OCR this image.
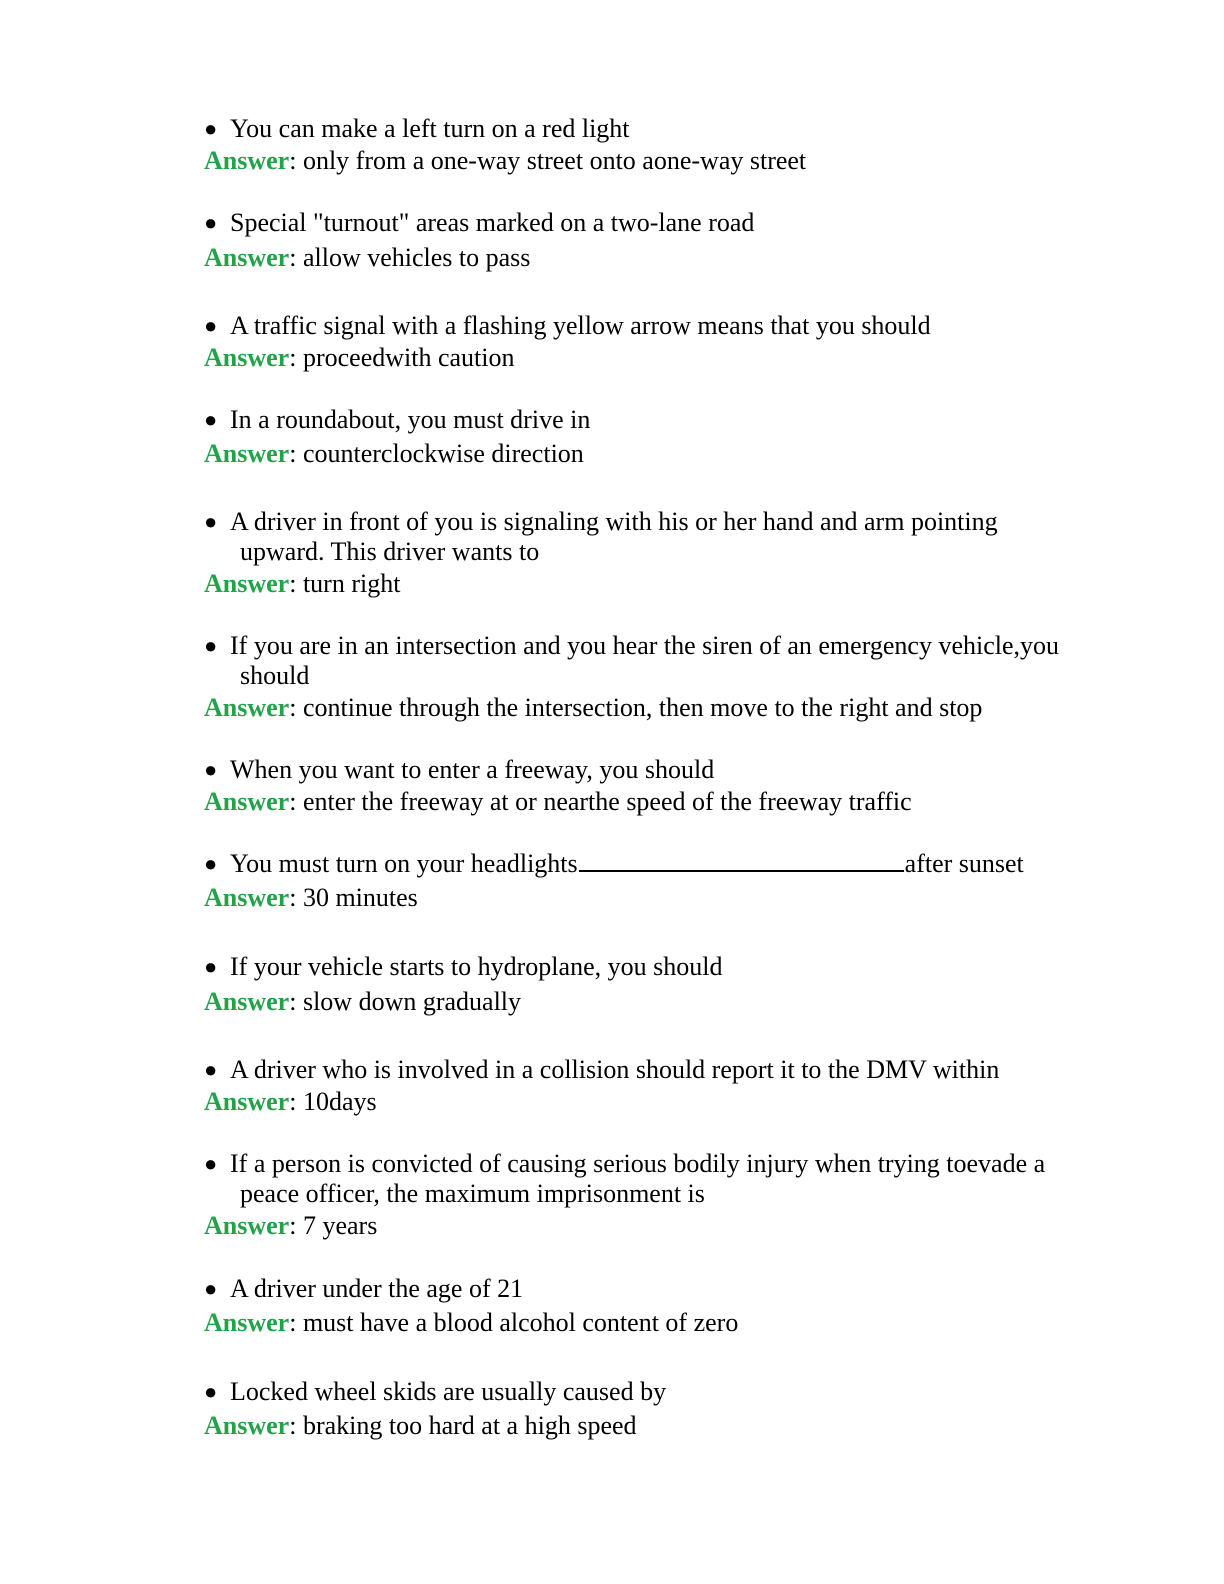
● You can make a left turn on a red light
Answer: only from a one-way street onto aone-way street
● Special "turnout" areas marked on a two-lane road
Answer: allow vehicles to pass
● A traffic signal with a flashing yellow arrow means that you should
Answer: proceedwith caution
● In a roundabout, you must drive in
Answer: counterclockwise direction
● A driver in front of you is signaling with his or her hand and arm pointing
upward. This driver wants to
Answer: turn right
● If you are in an intersection and you hear the siren of an emergency vehicle,you
should
Answer: continue through the intersection, then move to the right and stop
● When you want to enter a freeway, you should
Answer: enter the freeway at or nearthe speed of the freeway traffic
● You must turn on your headlights	after sunset
Answer: 30 minutes
● If your vehicle starts to hydroplane, you should
Answer: slow down gradually
● A driver who is involved in a collision should report it to the DMV within
Answer: 10days
● If a person is convicted of causing serious bodily injury when trying toevade a
peace officer, the maximum imprisonment is
Answer: 7 years
● A driver under the age of 21
Answer: must have a blood alcohol content of zero
● Locked wheel skids are usually caused by
Answer: braking too hard at a high speed
